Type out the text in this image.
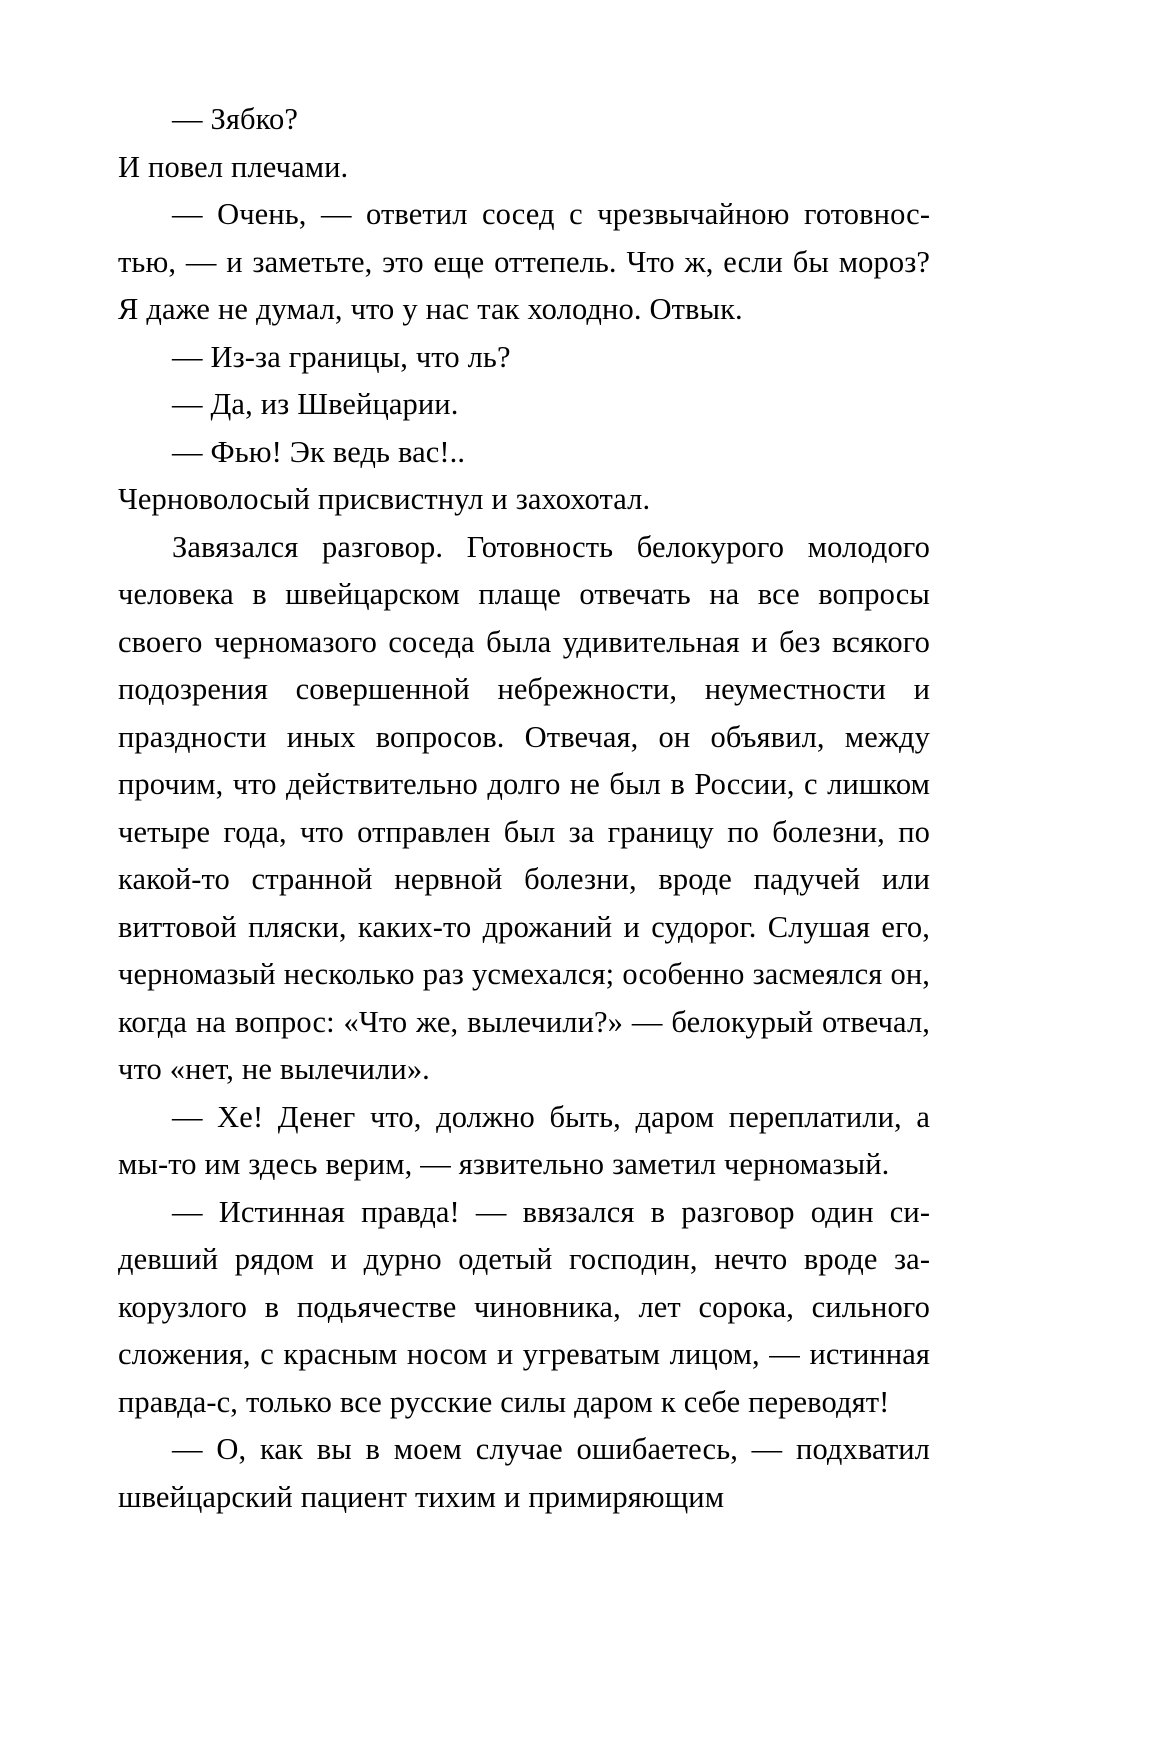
— Зябко?

И повел плечами.

— Очень, — ответил сосед с чрезвычайною готовностью, — и заметьте, это еще оттепель. Что ж, если бы мороз? Я даже не думал, что у нас так холодно. Отвык.

— Из-за границы, что ль?

— Да, из Швейцарии.

— Фью! Эк ведь вас!..

Черноволосый присвистнул и захохотал.

Завязался разговор. Готовность белокурого молодого человека в швейцарском плаще отвечать на все вопросы своего черномазого соседа была удивительная и без всякого подозрения совершенной небрежности, неуместности и праздности иных вопросов. Отвечая, он объявил, между прочим, что действительно долго не был в России, с лишком четыре года, что отправлен был за границу по болезни, по какой-то странной нервной болезни, вроде падучей или виттовой пляски, каких-то дрожаний и судорог. Слушая его, черномазый несколько раз усмехался; особенно засмеялся он, когда на вопрос: «Что же, вылечили?» — белокурый отвечал, что «нет, не вылечили».

— Хе! Денег что, должно быть, даром переплатили, а мы-то им здесь верим, — язвительно заметил черномазый.

— Истинная правда! — ввязался в разговор один сидевший рядом и дурно одетый господин, нечто вроде закорузлого в подьячестве чиновника, лет сорока, сильного сложения, с красным носом и угреватым лицом, — истинная правда-с, только все русские силы даром к себе переводят!

— О, как вы в моем случае ошибаетесь, — подхватил швейцарский пациент тихим и примиряющим
